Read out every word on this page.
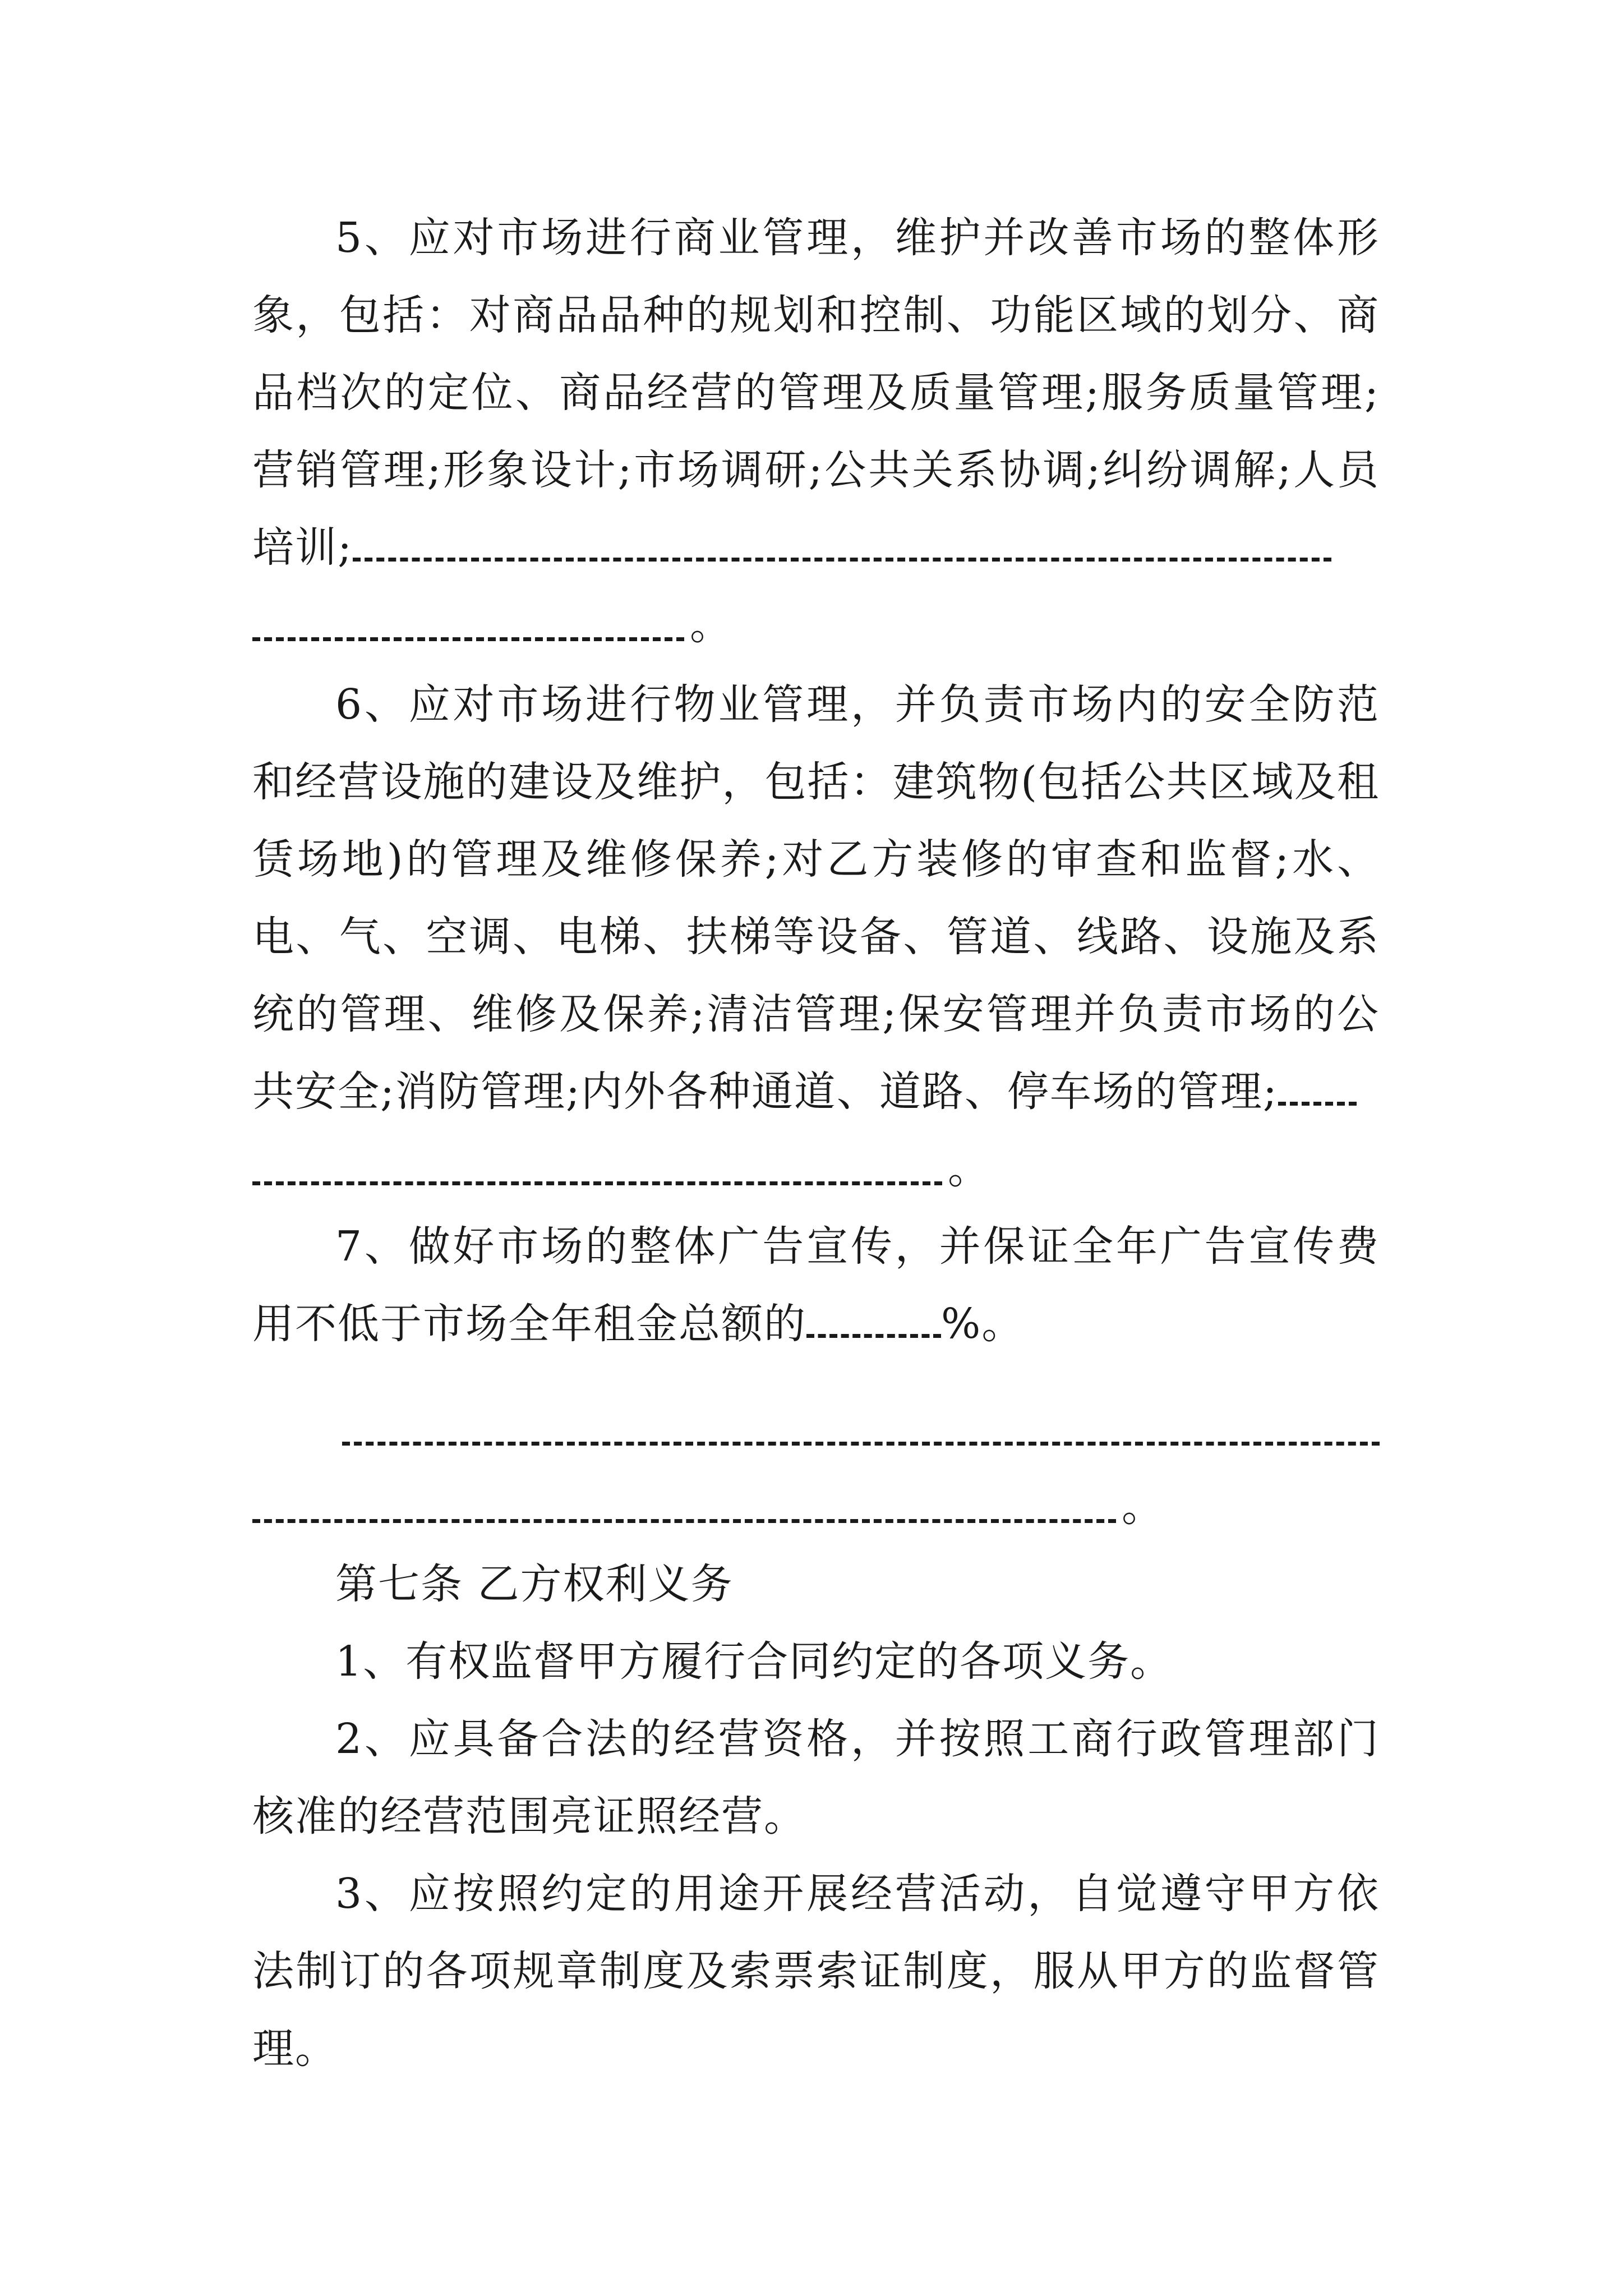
5、应对市场进行商业管理，维护并改善市场的整体形象，包括：对商品品种的规划和控制、功能区域的划分、商品档次的定位、商品经营的管理及质量管理;服务质量管理;营销管理;形象设计;市场调研;公共关系协调;纠纷调解;人员培训;

。

6、应对市场进行物业管理，并负责市场内的安全防范和经营设施的建设及维护，包括：建筑物(包括公共区域及租赁场地)的管理及维修保养;对乙方装修的审查和监督;水、电、气、空调、电梯、扶梯等设备、管道、线路、设施及系统的管理、维修及保养;清洁管理;保安管理并负责市场的公共安全;消防管理;内外各种通道、道路、停车场的管理;

。

7、做好市场的整体广告宣传，并保证全年广告宣传费用不低于市场全年租金总额的	%。

。

第七条 乙方权利义务

1、有权监督甲方履行合同约定的各项义务。

2、应具备合法的经营资格，并按照工商行政管理部门核准的经营范围亮证照经营。

3、应按照约定的用途开展经营活动，自觉遵守甲方依法制订的各项规章制度及索票索证制度，服从甲方的监督管理。
